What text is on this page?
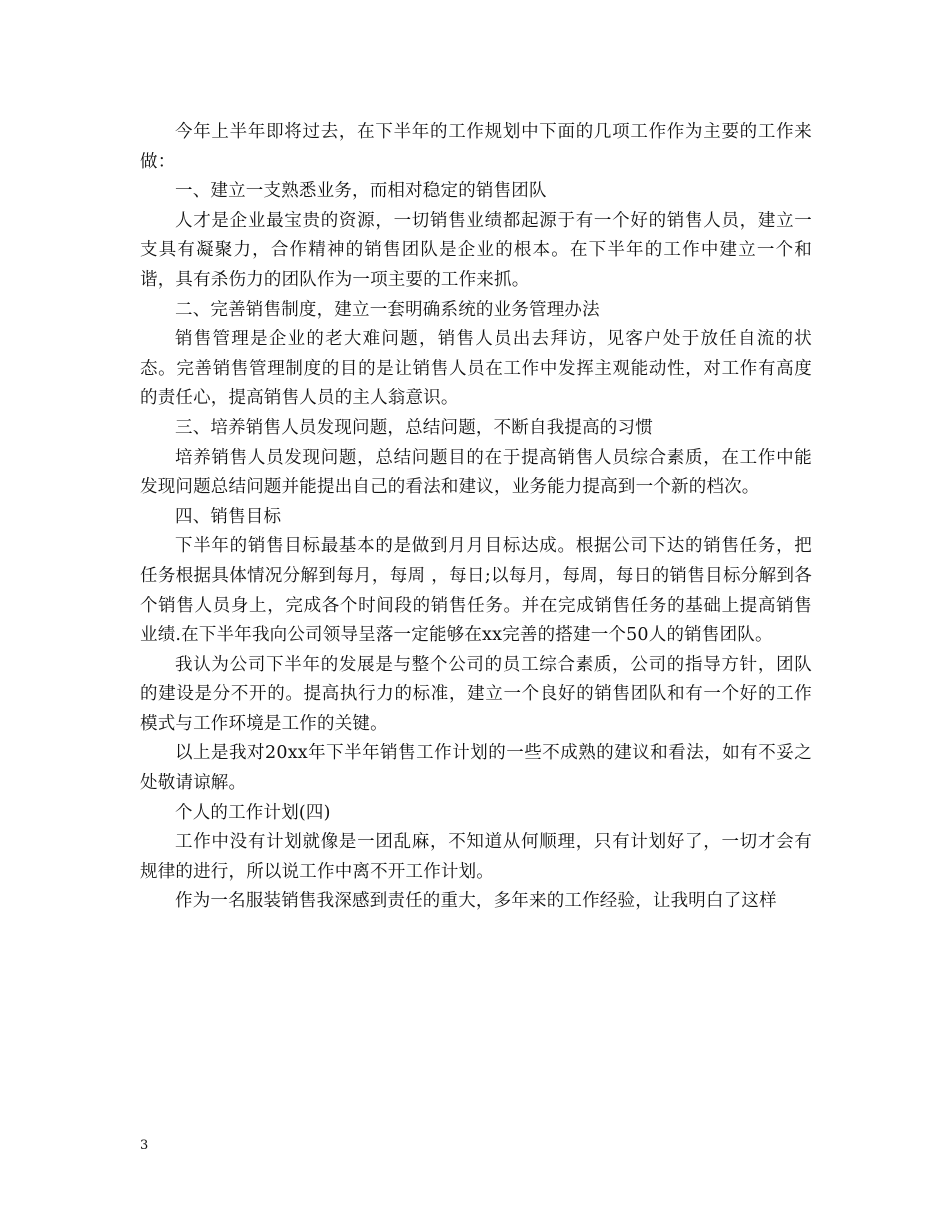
今年上半年即将过去，在下半年的工作规划中下面的几项工作作为主要的工作来做：

一、建立一支熟悉业务，而相对稳定的销售团队

人才是企业最宝贵的资源，一切销售业绩都起源于有一个好的销售人员，建立一支具有凝聚力，合作精神的销售团队是企业的根本。在下半年的工作中建立一个和谐，具有杀伤力的团队作为一项主要的工作来抓。

二、完善销售制度，建立一套明确系统的业务管理办法

销售管理是企业的老大难问题，销售人员出去拜访，见客户处于放任自流的状态。完善销售管理制度的目的是让销售人员在工作中发挥主观能动性，对工作有高度的责任心，提高销售人员的主人翁意识。

三、培养销售人员发现问题，总结问题，不断自我提高的习惯

培养销售人员发现问题，总结问题目的在于提高销售人员综合素质，在工作中能发现问题总结问题并能提出自己的看法和建议，业务能力提高到一个新的档次。

四、销售目标

下半年的销售目标最基本的是做到月月目标达成。根据公司下达的销售任务，把任务根据具体情况分解到每月，每周 ，每日;以每月，每周，每日的销售目标分解到各个销售人员身上，完成各个时间段的销售任务。并在完成销售任务的基础上提高销售业绩.在下半年我向公司领导呈落一定能够在xx完善的搭建一个50人的销售团队。

我认为公司下半年的发展是与整个公司的员工综合素质，公司的指导方针，团队的建设是分不开的。提高执行力的标准，建立一个良好的销售团队和有一个好的工作模式与工作环境是工作的关键。

以上是我对20xx年下半年销售工作计划的一些不成熟的建议和看法，如有不妥之处敬请谅解。

个人的工作计划(四)

工作中没有计划就像是一团乱麻，不知道从何顺理，只有计划好了，一切才会有规律的进行，所以说工作中离不开工作计划。

作为一名服装销售我深感到责任的重大，多年来的工作经验，让我明白了这样

3
